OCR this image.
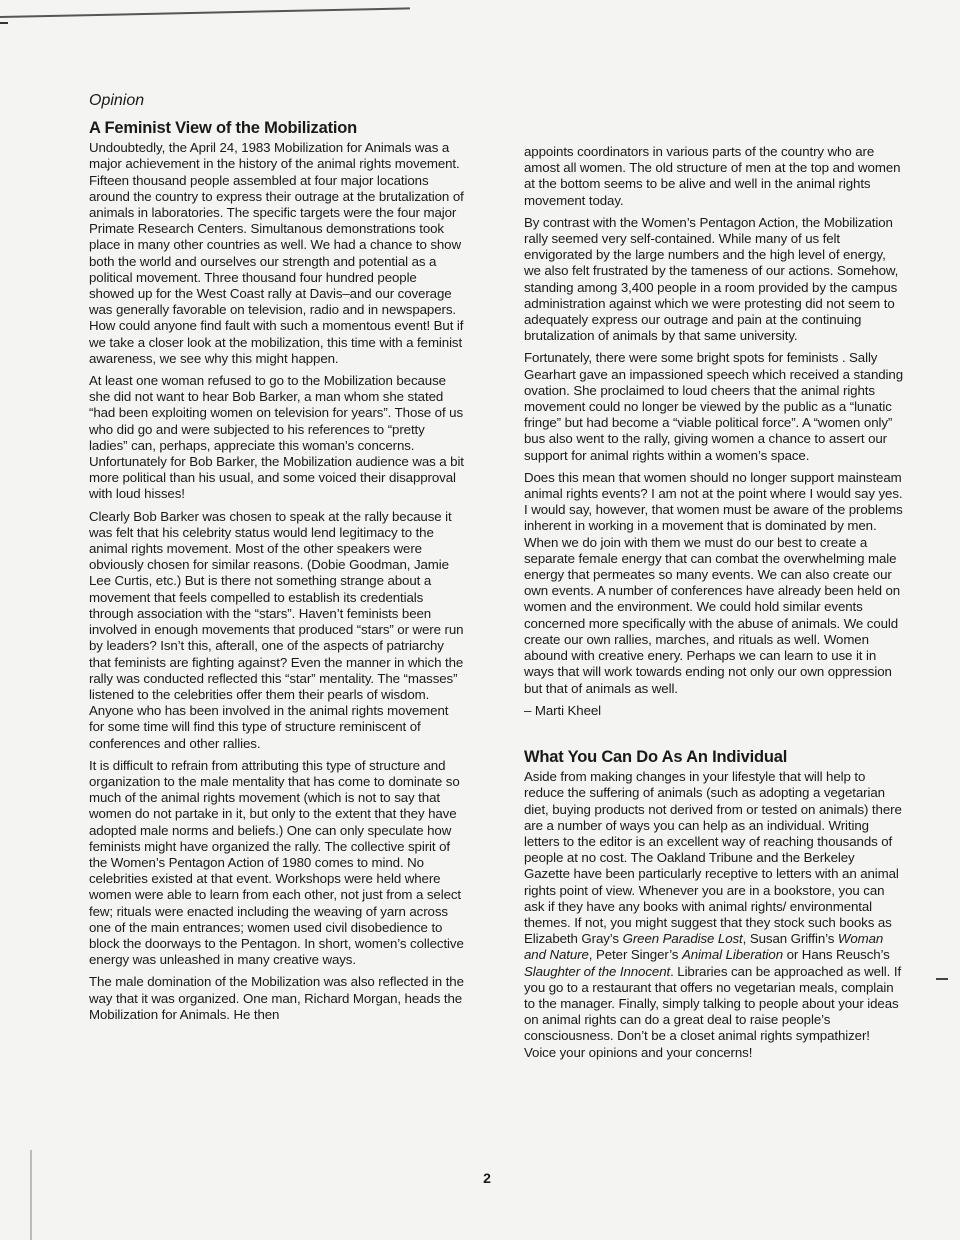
Opinion
A Feminist View of the Mobilization

Undoubtedly, the April 24, 1983 Mobilization for Animals was a major achievement in the history of the animal rights movement. Fifteen thousand people assembled at four major locations around the country to express their outrage at the brutalization of animals in laboratories. The specific targets were the four major Primate Research Centers. Simultanous demonstrations took place in many other countries as well. We had a chance to show both the world and ourselves our strength and potential as a political movement. Three thousand four hundred people showed up for the West Coast rally at Davis–and our coverage was generally favorable on television, radio and in newspapers. How could anyone find fault with such a momentous event! But if we take a closer look at the mobilization, this time with a feminist awareness, we see why this might happen.

At least one woman refused to go to the Mobilization because she did not want to hear Bob Barker, a man whom she stated “had been exploiting women on television for years”. Those of us who did go and were subjected to his references to “pretty ladies” can, perhaps, appreciate this woman’s concerns. Unfortunately for Bob Barker, the Mobilization audience was a bit more political than his usual, and some voiced their disapproval with loud hisses!

Clearly Bob Barker was chosen to speak at the rally because it was felt that his celebrity status would lend legitimacy to the animal rights movement. Most of the other speakers were obviously chosen for similar reasons. (Dobie Goodman, Jamie Lee Curtis, etc.) But is there not something strange about a movement that feels compelled to establish its credentials through association with the “stars”. Haven’t feminists been involved in enough movements that produced “stars” or were run by leaders? Isn’t this, afterall, one of the aspects of patriarchy that feminists are fighting against? Even the manner in which the rally was conducted reflected this “star” mentality. The “masses” listened to the celebrities offer them their pearls of wisdom. Anyone who has been involved in the animal rights movement for some time will find this type of structure reminiscent of conferences and other rallies.

It is difficult to refrain from attributing this type of structure and organization to the male mentality that has come to dominate so much of the animal rights movement (which is not to say that women do not partake in it, but only to the extent that they have adopted male norms and beliefs.) One can only speculate how feminists might have organized the rally. The collective spirit of the Women’s Pentagon Action of 1980 comes to mind. No celebrities existed at that event. Workshops were held where women were able to learn from each other, not just from a select few; rituals were enacted including the weaving of yarn across one of the main entrances; women used civil disobedience to block the doorways to the Pentagon. In short, women’s collective energy was unleashed in many creative ways.

The male domination of the Mobilization was also reflected in the way that it was organized. One man, Richard Morgan, heads the Mobilization for Animals. He then

appoints coordinators in various parts of the country who are amost all women. The old structure of men at the top and women at the bottom seems to be alive and well in the animal rights movement today.

By contrast with the Women’s Pentagon Action, the Mobilization rally seemed very self-contained. While many of us felt envigorated by the large numbers and the high level of energy, we also felt frustrated by the tameness of our actions. Somehow, standing among 3,400 people in a room provided by the campus administration against which we were protesting did not seem to adequately express our outrage and pain at the continuing brutalization of animals by that same university.

Fortunately, there were some bright spots for feminists . Sally Gearhart gave an impassioned speech which received a standing ovation. She proclaimed to loud cheers that the animal rights movement could no longer be viewed by the public as a “lunatic fringe” but had become a “viable political force”. A “women only” bus also went to the rally, giving women a chance to assert our support for animal rights within a women’s space.

Does this mean that women should no longer support mainsteam animal rights events? I am not at the point where I would say yes. I would say, however, that women must be aware of the problems inherent in working in a movement that is dominated by men. When we do join with them we must do our best to create a separate female energy that can combat the overwhelming male energy that permeates so many events. We can also create our own events. A number of conferences have already been held on women and the environment. We could hold similar events concerned more specifically with the abuse of animals. We could create our own rallies, marches, and rituals as well. Women abound with creative enery. Perhaps we can learn to use it in ways that will work towards ending not only our own oppression but that of animals as well.

– Marti Kheel

What You Can Do As An Individual

Aside from making changes in your lifestyle that will help to reduce the suffering of animals (such as adopting a vegetarian diet, buying products not derived from or tested on animals) there are a number of ways you can help as an individual. Writing letters to the editor is an excellent way of reaching thousands of people at no cost. The Oakland Tribune and the Berkeley Gazette have been particularly receptive to letters with an animal rights point of view. Whenever you are in a bookstore, you can ask if they have any books with animal rights/ environmental themes. If not, you might suggest that they stock such books as Elizabeth Gray’s Green Paradise Lost, Susan Griffin’s Woman and Nature, Peter Singer’s Animal Liberation or Hans Reusch’s Slaughter of the Innocent. Libraries can be approached as well. If you go to a restaurant that offers no vegetarian meals, complain to the manager. Finally, simply talking to people about your ideas on animal rights can do a great deal to raise people’s consciousness. Don’t be a closet animal rights sympathizer! Voice your opinions and your concerns!

2
